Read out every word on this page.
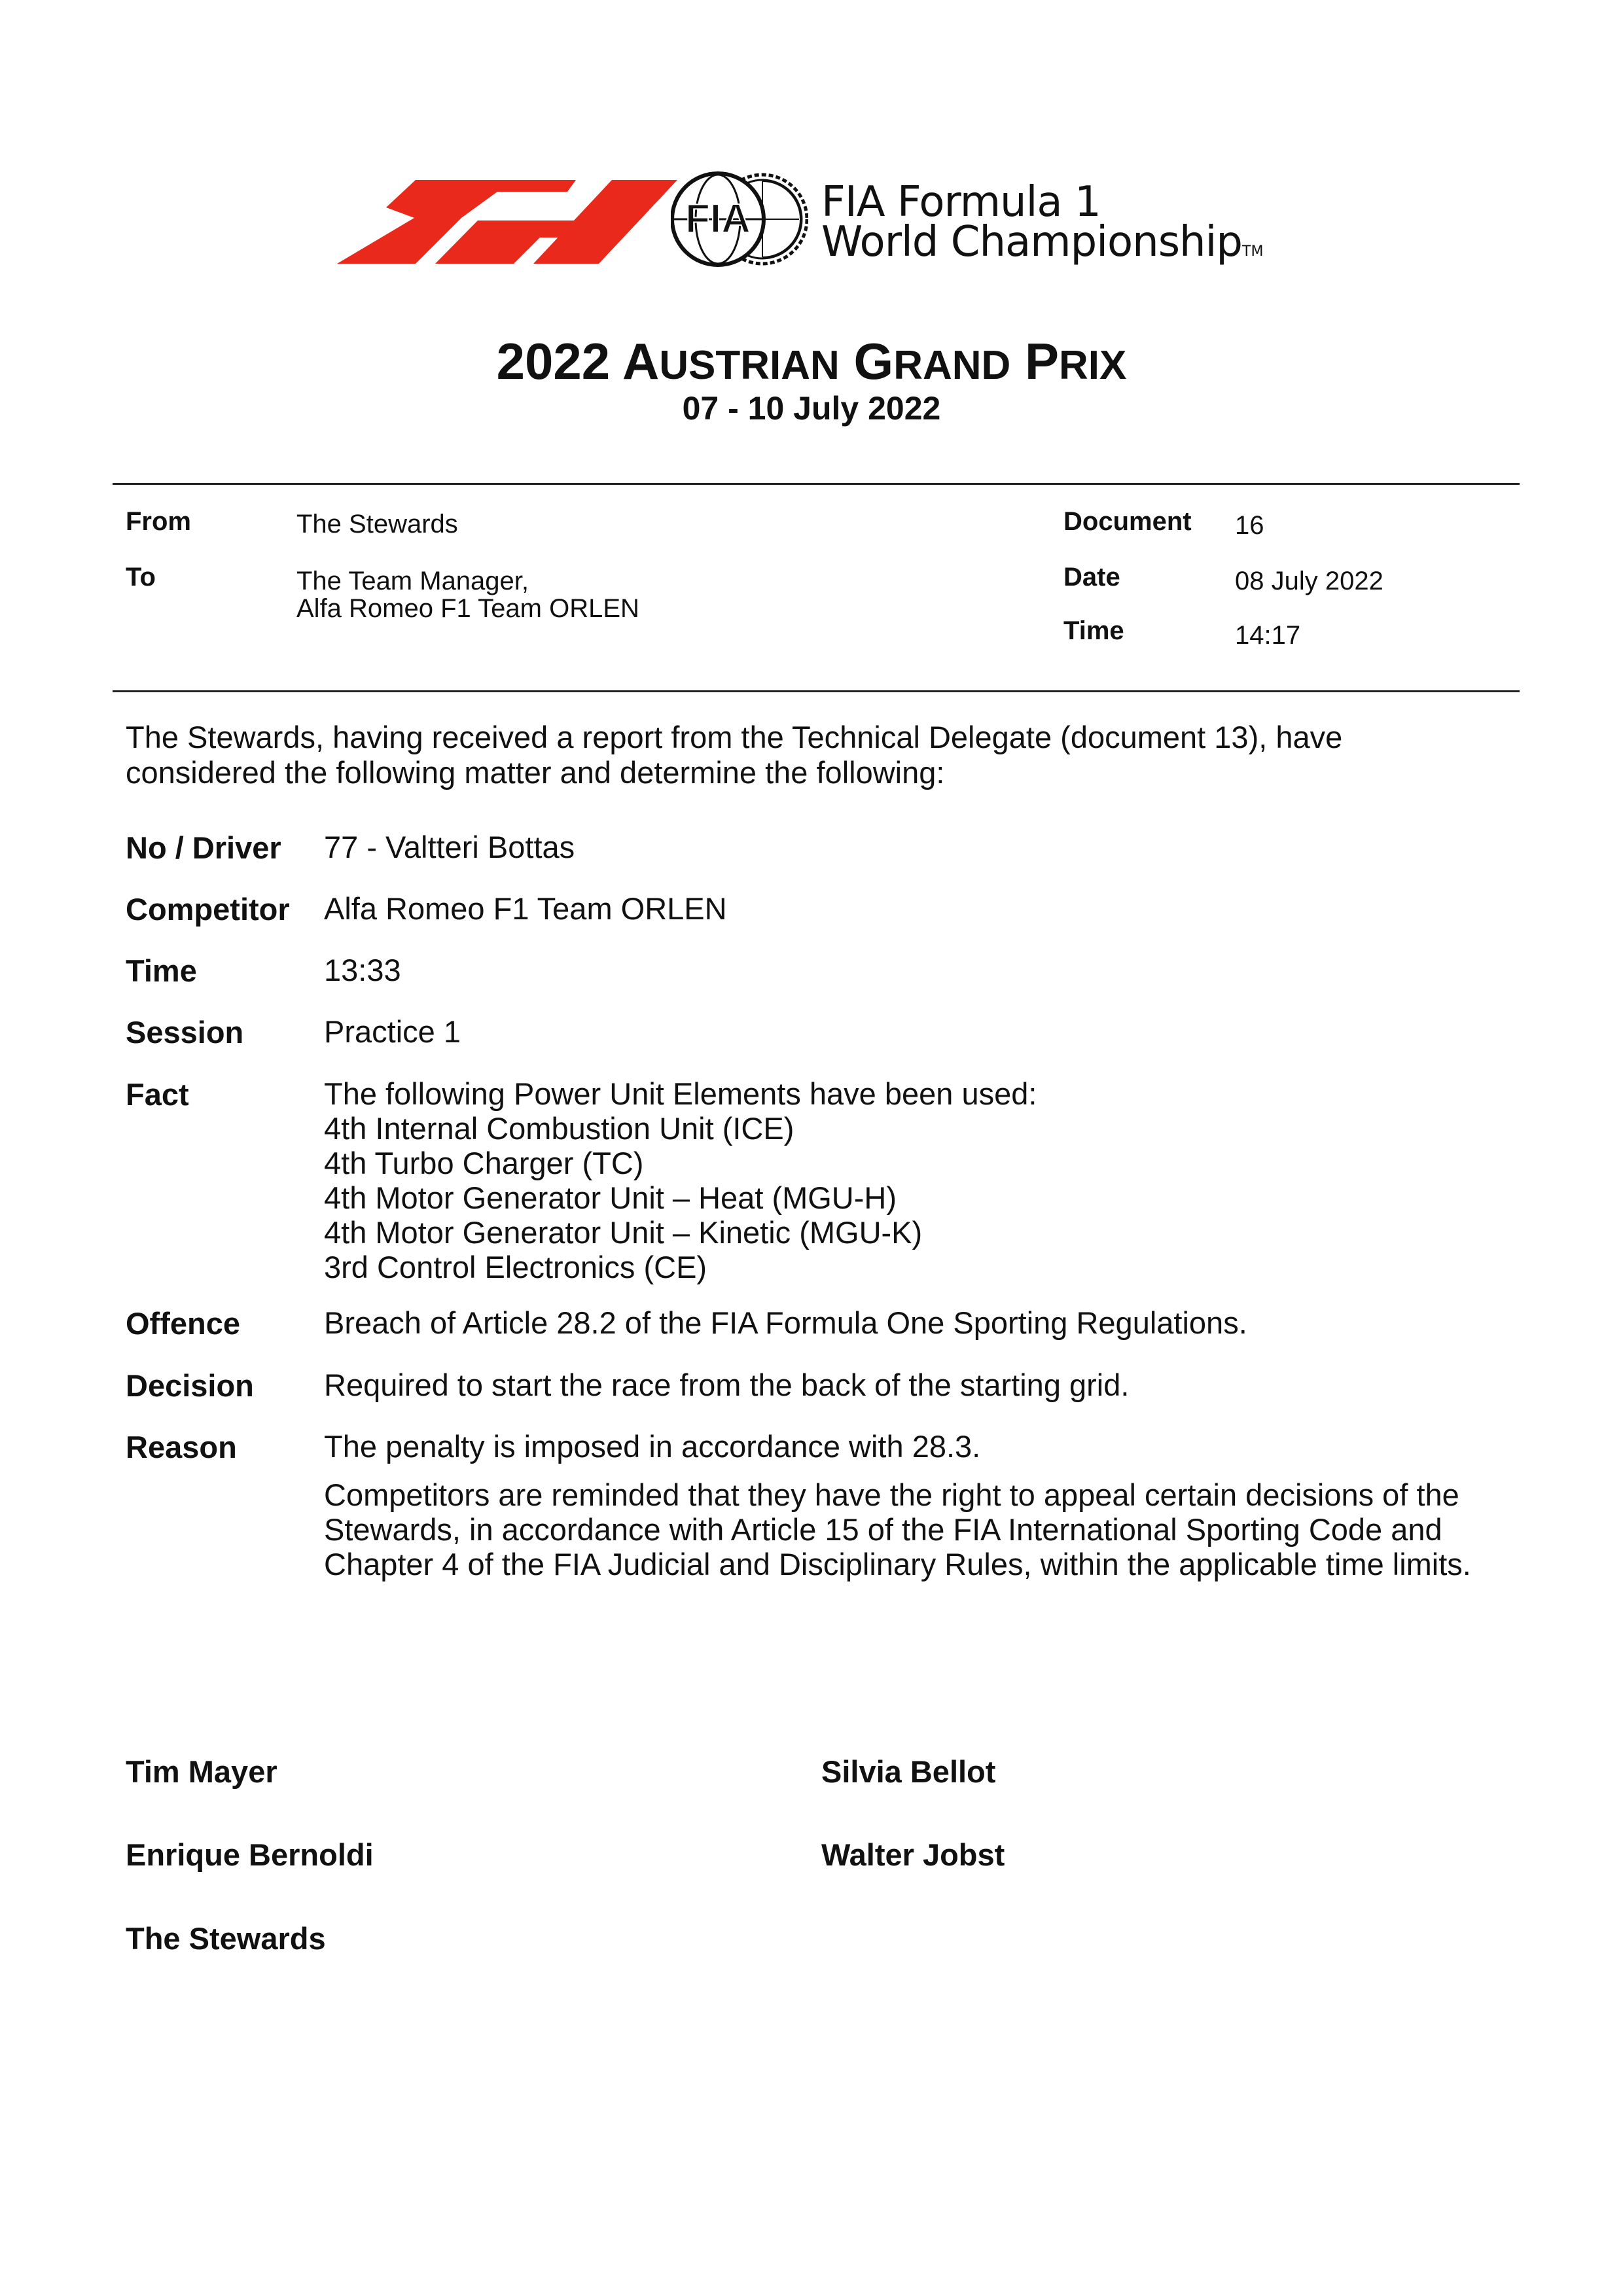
FIA FIA Formula 1
World ChampionshipTM
2022 AUSTRIAN GRAND PRIX
07 - 10 July 2022
From	The Stewards
To	The Team Manager,
Alfa Romeo F1 Team ORLEN
Document 16
Date	08 July 2022
Time	14:17
The Stewards, having received a report from the Technical Delegate (document 13), have
considered the following matter and determine the following:
No / Driver 77 - Valtteri Bottas
Competitor Alfa Romeo F1 Team ORLEN
Time	13:33
Session	Practice 1
Fact	The following Power Unit Elements have been used:
4th Internal Combustion Unit (ICE)
4th Turbo Charger (TC)
4th Motor Generator Unit – Heat (MGU-H)
4th Motor Generator Unit – Kinetic (MGU-K)
3rd Control Electronics (CE)
Offence	Breach of Article 28.2 of the FIA Formula One Sporting Regulations.
Decision Required to start the race from the back of the starting grid.
Reason	The penalty is imposed in accordance with 28.3.
Competitors are reminded that they have the right to appeal certain decisions of the
Stewards, in accordance with Article 15 of the FIA International Sporting Code and
Chapter 4 of the FIA Judicial and Disciplinary Rules, within the applicable time limits.
Tim Mayer	Silvia Bellot
Enrique Bernoldi	Walter Jobst
The Stewards
